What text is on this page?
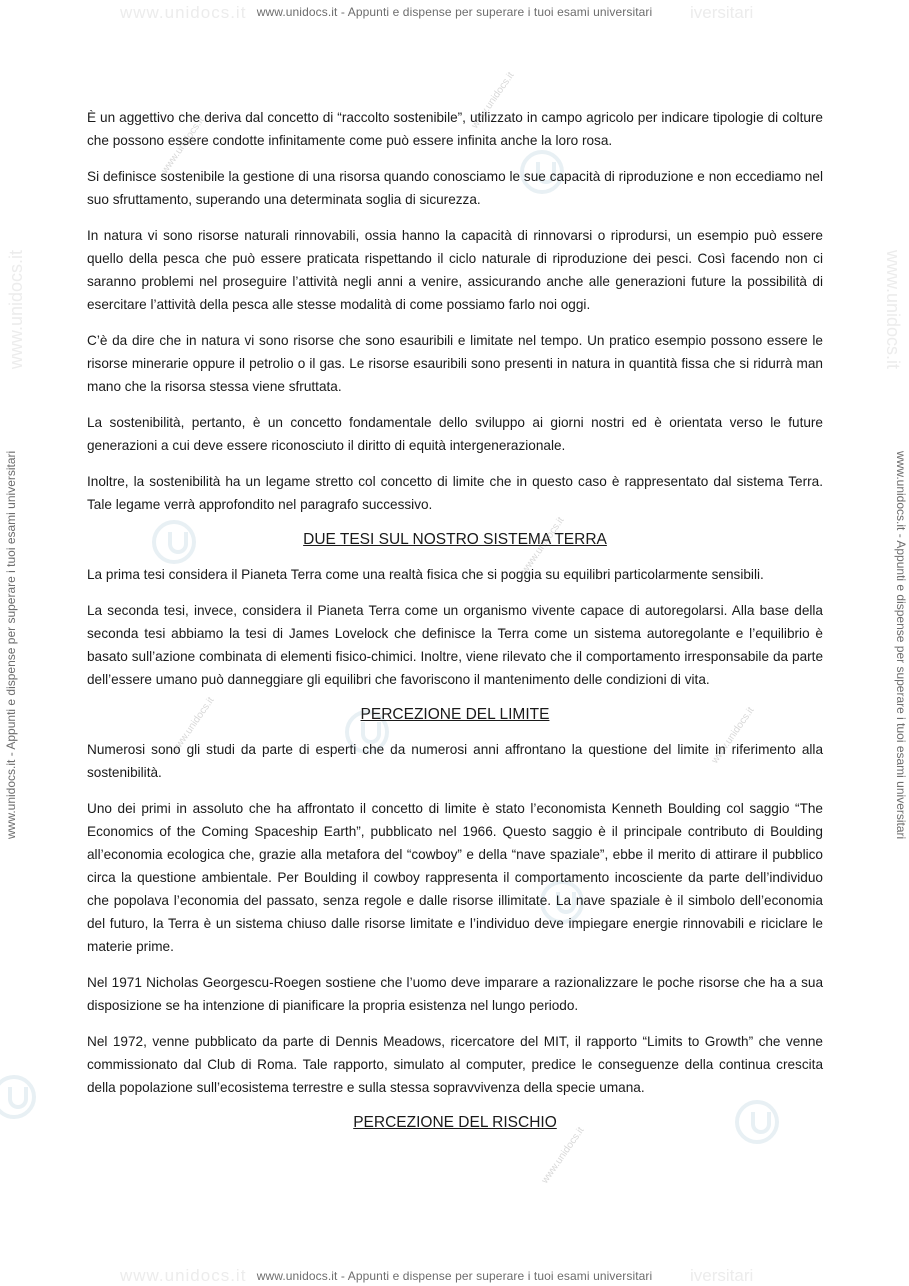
www.unidocs.it	iversitari
www.unidocs.it - Appunti e dispense per superare i tuoi esami universitari
www.unidocs.it	www.unidocs.it
www.unidocs.it - Appunti e dispense per superare i tuoi esami universitari	www.unidocs.it - Appunti e dispense per superare i tuoi esami universitari
www.unidocs.it
www.unidocs.it
www.unidocs.it
www.unidocs.it
www.unidocs.it
www.unidocs.it

È un aggettivo che deriva dal concetto di “raccolto sostenibile”, utilizzato in campo agricolo per indicare tipologie di colture che possono essere condotte infinitamente come può essere infinita anche la loro rosa.

Si definisce sostenibile la gestione di una risorsa quando conosciamo le sue capacità di riproduzione e non eccediamo nel suo sfruttamento, superando una determinata soglia di sicurezza.

In natura vi sono risorse naturali rinnovabili, ossia hanno la capacità di rinnovarsi o riprodursi, un esempio può essere quello della pesca che può essere praticata rispettando il ciclo naturale di riproduzione dei pesci. Così facendo non ci saranno problemi nel proseguire l’attività negli anni a venire, assicurando anche alle generazioni future la possibilità di esercitare l’attività della pesca alle stesse modalità di come possiamo farlo noi oggi.

C’è da dire che in natura vi sono risorse che sono esauribili e limitate nel tempo. Un pratico esempio possono essere le risorse minerarie oppure il petrolio o il gas. Le risorse esauribili sono presenti in natura in quantità fissa che si ridurrà man mano che la risorsa stessa viene sfruttata.

La sostenibilità, pertanto, è un concetto fondamentale dello sviluppo ai giorni nostri ed è orientata verso le future generazioni a cui deve essere riconosciuto il diritto di equità intergenerazionale.

Inoltre, la sostenibilità ha un legame stretto col concetto di limite che in questo caso è rappresentato dal sistema Terra. Tale legame verrà approfondito nel paragrafo successivo.

DUE TESI SUL NOSTRO SISTEMA TERRA

La prima tesi considera il Pianeta Terra come una realtà fisica che si poggia su equilibri particolarmente sensibili.

La seconda tesi, invece, considera il Pianeta Terra come un organismo vivente capace di autoregolarsi. Alla base della seconda tesi abbiamo la tesi di James Lovelock che definisce la Terra come un sistema autoregolante e l’equilibrio è basato sull’azione combinata di elementi fisico-chimici. Inoltre, viene rilevato che il comportamento irresponsabile da parte dell’essere umano può danneggiare gli equilibri che favoriscono il mantenimento delle condizioni di vita.

PERCEZIONE DEL LIMITE

Numerosi sono gli studi da parte di esperti che da numerosi anni affrontano la questione del limite in riferimento alla sostenibilità.

Uno dei primi in assoluto che ha affrontato il concetto di limite è stato l’economista Kenneth Boulding col saggio “The Economics of the Coming Spaceship Earth”, pubblicato nel 1966. Questo saggio è il principale contributo di Boulding all’economia ecologica che, grazie alla metafora del “cowboy” e della “nave spaziale”, ebbe il merito di attirare il pubblico circa la questione ambientale. Per Boulding il cowboy rappresenta il comportamento incosciente da parte dell’individuo che popolava l’economia del passato, senza regole e dalle risorse illimitate. La nave spaziale è il simbolo dell’economia del futuro, la Terra è un sistema chiuso dalle risorse limitate e l’individuo deve impiegare energie rinnovabili e riciclare le materie prime.

Nel 1971 Nicholas Georgescu-Roegen sostiene che l’uomo deve imparare a razionalizzare le poche risorse che ha a sua disposizione se ha intenzione di pianificare la propria esistenza nel lungo periodo.

Nel 1972, venne pubblicato da parte di Dennis Meadows, ricercatore del MIT, il rapporto “Limits to Growth” che venne commissionato dal Club di Roma. Tale rapporto, simulato al computer, predice le conseguenze della continua crescita della popolazione sull’ecosistema terrestre e sulla stessa sopravvivenza della specie umana.

PERCEZIONE DEL RISCHIO
www.unidocs.it	iversitari
www.unidocs.it - Appunti e dispense per superare i tuoi esami universitari
